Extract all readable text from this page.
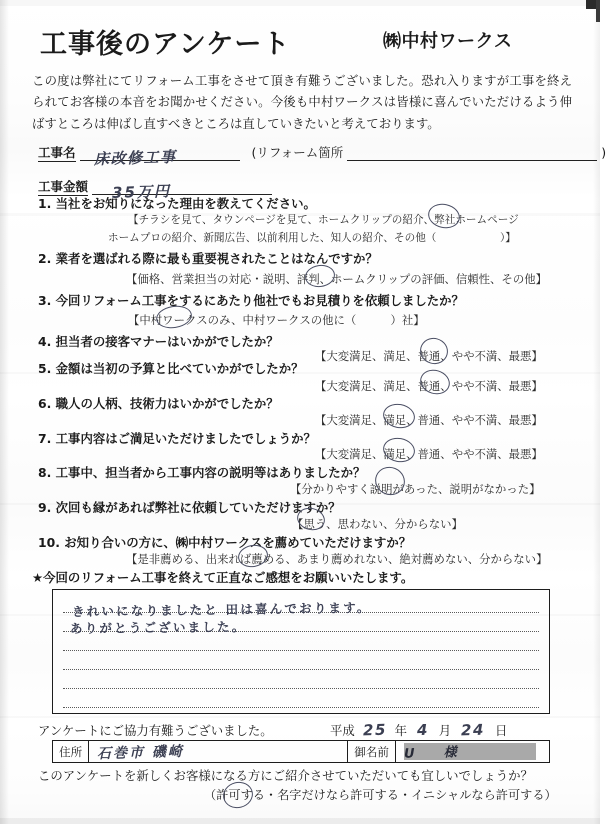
工事後のアンケート	㈱中村ワークス
この度は弊社にてリフォーム工事をさせて頂き有難うございました。恐れ入りますが工事を終えられてお客様の本音をお聞かせください。今後も中村ワークスは皆様に喜んでいただけるよう伸ばすところは伸ばし直すべきところは直していきたいと考えております。
工事名 床改修工事	(リフォーム箇所	)
工事金額 35万円
1. 当社をお知りになった理由を教えてください。
【チラシを見て、タウンページを見て、ホームクリップの紹介、弊社ホームページ
ホームプロの紹介、新聞広告、以前利用した、知人の紹介、その他（　　　　　　）】
2. 業者を選ばれる際に最も重要視されたことはなんですか？
【価格、営業担当の対応・説明、評判、ホームクリップの評価、信頼性、その他】
3. 今回リフォーム工事をするにあたり他社でもお見積りを依頼しましたか？
【中村ワークスのみ、中村ワークスの他に（　　　）社】
4. 担当者の接客マナーはいかがでしたか？
【大変満足、満足、普通、やや不満、最悪】
5. 金額は当初の予算と比べていかがでしたか？
【大変満足、満足、普通、やや不満、最悪】
6. 職人の人柄、技術力はいかがでしたか？
【大変満足、満足、普通、やや不満、最悪】
7. 工事内容はご満足いただけましたでしょうか？
【大変満足、満足、普通、やや不満、最悪】
8. 工事中、担当者から工事内容の説明等はありましたか？
【分かりやすく説明があった、説明がなかった】
9. 次回も縁があれば弊社に依頼していただけますか？
【思う、思わない、分からない】
10. お知り合いの方に、㈱中村ワークスを薦めていただけますか？
【是非薦める、出来れば薦める、あまり薦めれない、絶対薦めない、分からない】
★今回のリフォーム工事を終えて正直なご感想をお願いいたします。
きれいになりましたと 田は喜んでおります。
ありがとうございました。
アンケートにご協力有難うございました。	平成 25 年 4 月 24 日
住所	石巻市 磯崎	御名前	U　　様
このアンケートを新しくお客様になる方にご紹介させていただいても宜しいでしょうか？
（許可する・名字だけなら許可する・イニシャルなら許可する）
